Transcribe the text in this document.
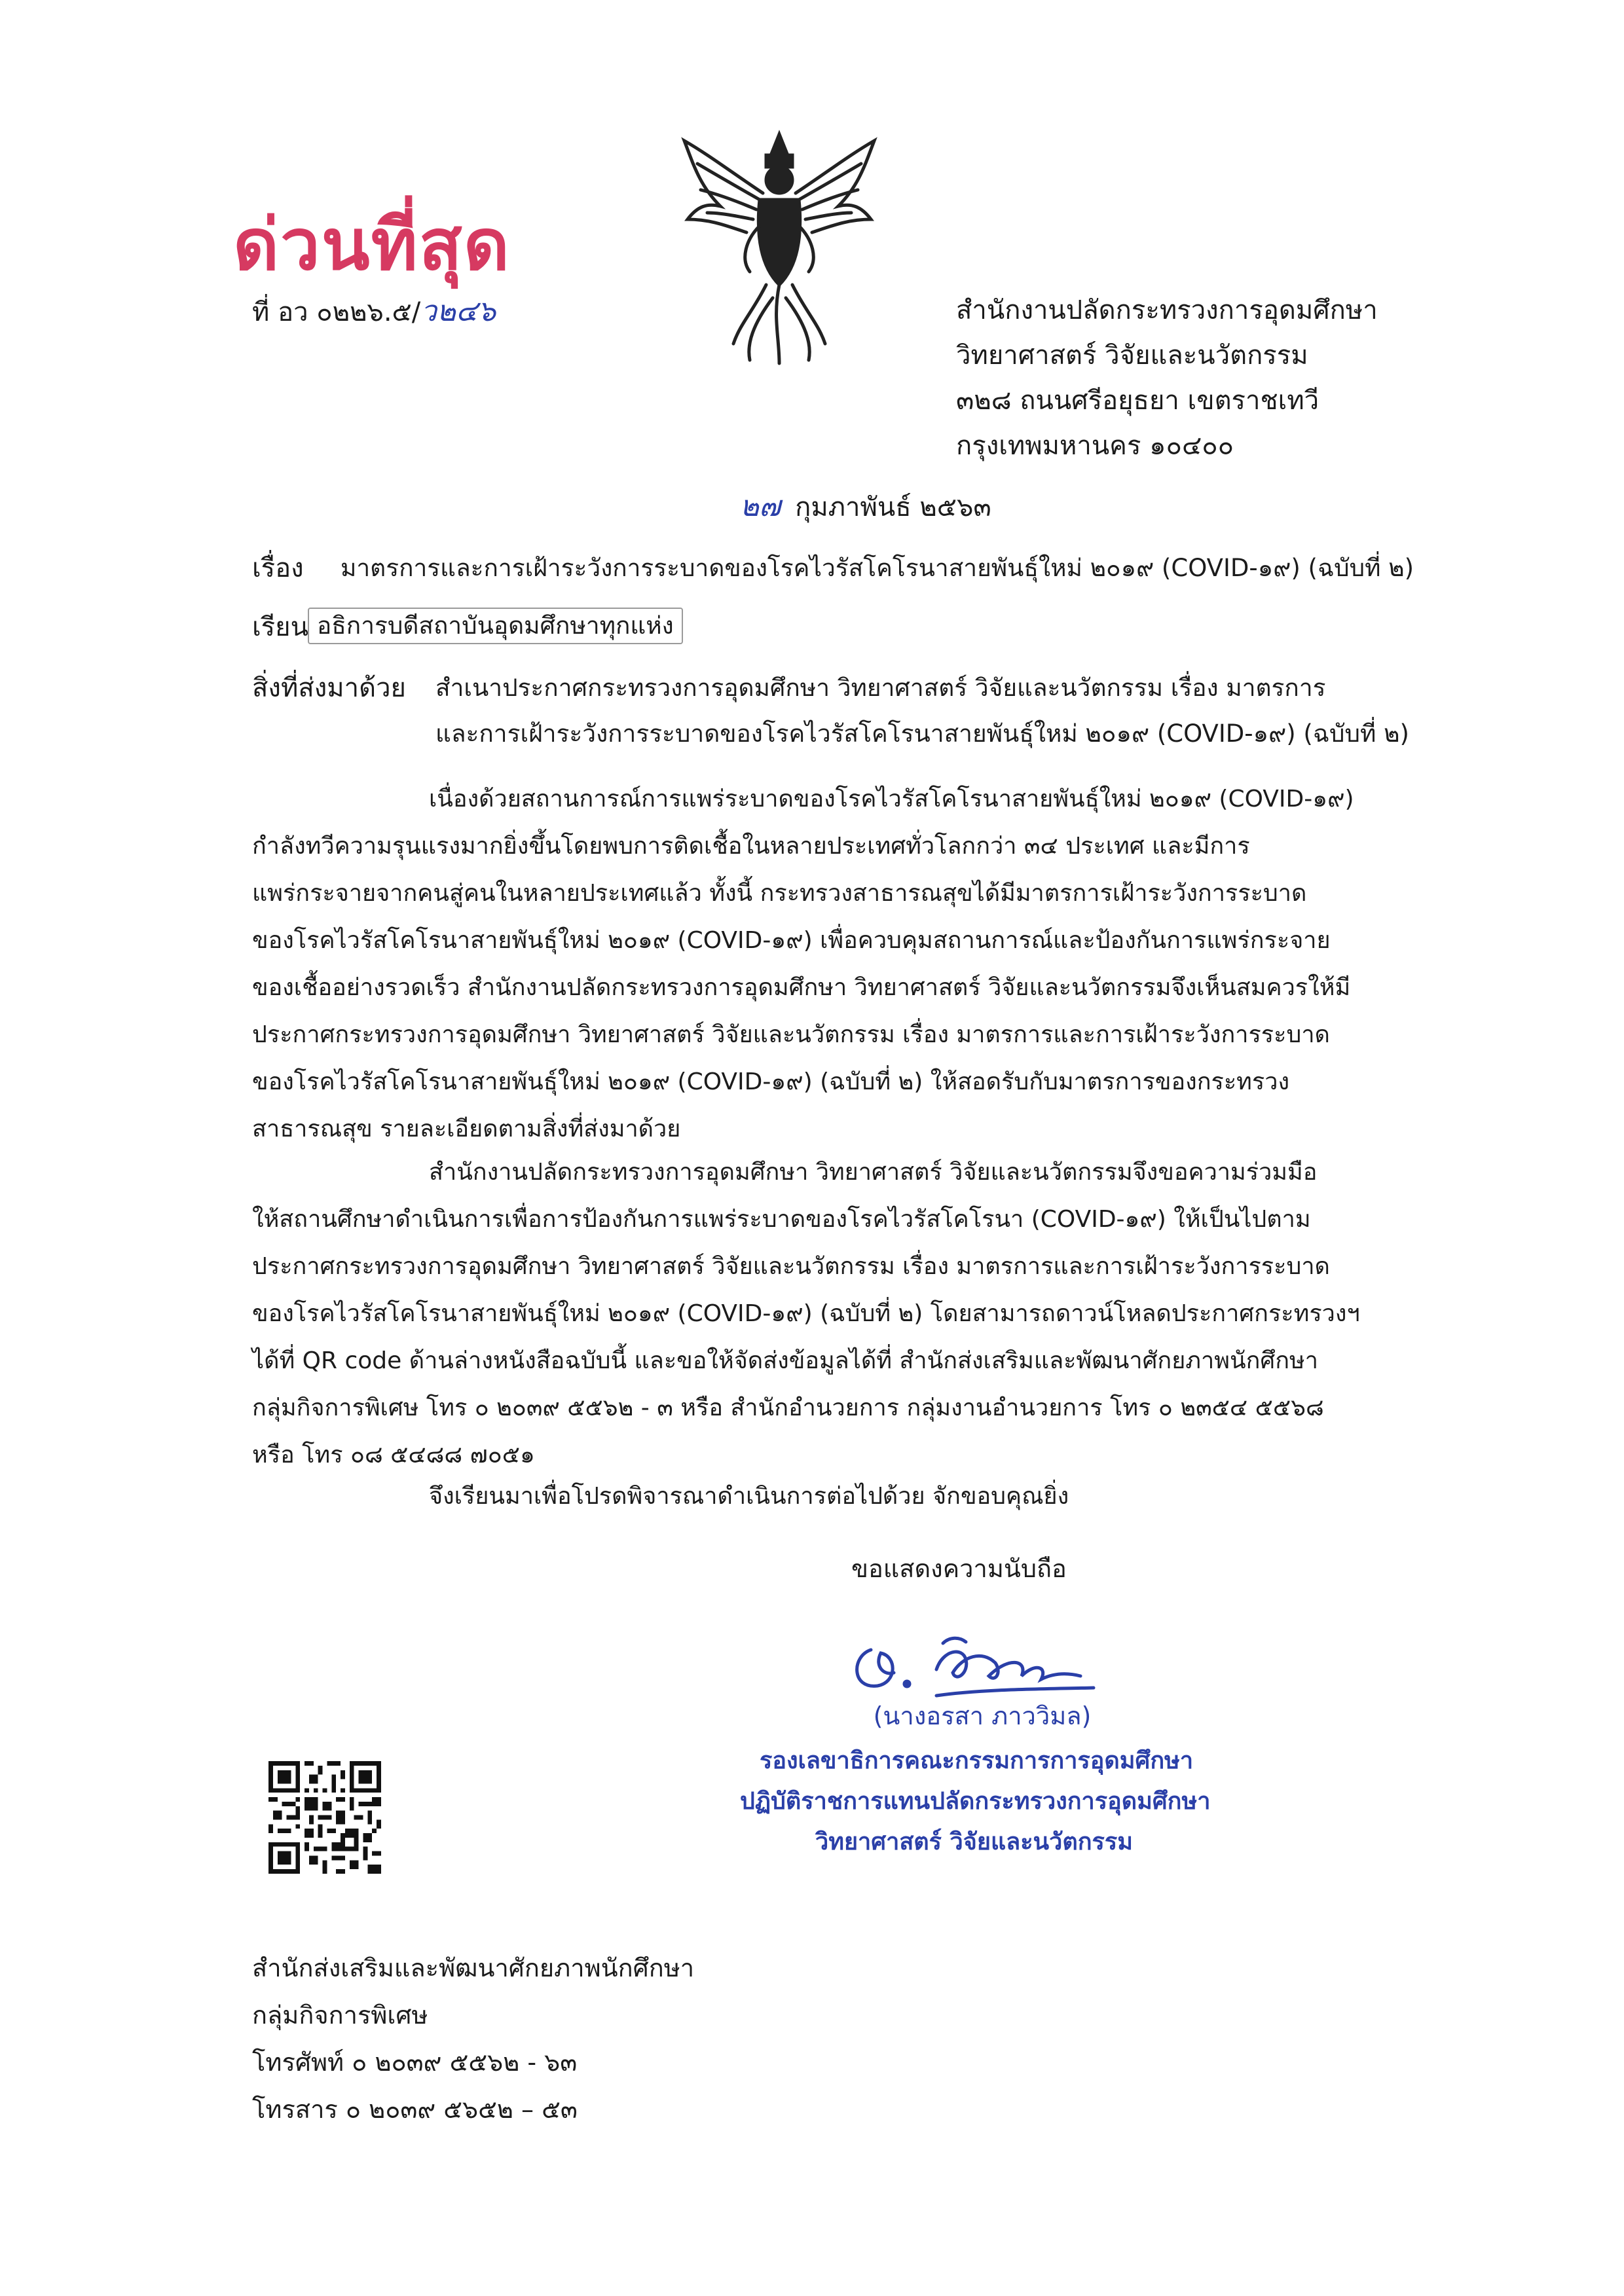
ด่วนที่สุด
ที่ อว ๐๒๒๖.๕/ว๒๔๖	สำนักงานปลัดกระทรวงการอุดมศึกษา
วิทยาศาสตร์ วิจัยและนวัตกรรม
๓๒๘ ถนนศรีอยุธยา เขตราชเทวี
กรุงเทพมหานคร ๑๐๔๐๐
๒๗ กุมภาพันธ์ ๒๕๖๓
เรื่อง มาตรการและการเฝ้าระวังการระบาดของโรคไวรัสโคโรนาสายพันธุ์ใหม่ ๒๐๑๙ (COVID-๑๙) (ฉบับที่ ๒)
เรียน อธิการบดีสถาบันอุดมศึกษาทุกแห่ง
สิ่งที่ส่งมาด้วย สำเนาประกาศกระทรวงการอุดมศึกษา วิทยาศาสตร์ วิจัยและนวัตกรรม เรื่อง มาตรการ
และการเฝ้าระวังการระบาดของโรคไวรัสโคโรนาสายพันธุ์ใหม่ ๒๐๑๙ (COVID-๑๙) (ฉบับที่ ๒)
เนื่องด้วยสถานการณ์การแพร่ระบาดของโรคไวรัสโคโรนาสายพันธุ์ใหม่ ๒๐๑๙ (COVID-๑๙)
กำลังทวีความรุนแรงมากยิ่งขึ้นโดยพบการติดเชื้อในหลายประเทศทั่วโลกกว่า ๓๔ ประเทศ และมีการ
แพร่กระจายจากคนสู่คนในหลายประเทศแล้ว ทั้งนี้ กระทรวงสาธารณสุขได้มีมาตรการเฝ้าระวังการระบาด
ของโรคไวรัสโคโรนาสายพันธุ์ใหม่ ๒๐๑๙ (COVID-๑๙) เพื่อควบคุมสถานการณ์และป้องกันการแพร่กระจาย
ของเชื้ออย่างรวดเร็ว สำนักงานปลัดกระทรวงการอุดมศึกษา วิทยาศาสตร์ วิจัยและนวัตกรรมจึงเห็นสมควรให้มี
ประกาศกระทรวงการอุดมศึกษา วิทยาศาสตร์ วิจัยและนวัตกรรม เรื่อง มาตรการและการเฝ้าระวังการระบาด
ของโรคไวรัสโคโรนาสายพันธุ์ใหม่ ๒๐๑๙ (COVID-๑๙) (ฉบับที่ ๒) ให้สอดรับกับมาตรการของกระทรวง
สาธารณสุข รายละเอียดตามสิ่งที่ส่งมาด้วย
สำนักงานปลัดกระทรวงการอุดมศึกษา วิทยาศาสตร์ วิจัยและนวัตกรรมจึงขอความร่วมมือ
ให้สถานศึกษาดำเนินการเพื่อการป้องกันการแพร่ระบาดของโรคไวรัสโคโรนา (COVID-๑๙) ให้เป็นไปตาม
ประกาศกระทรวงการอุดมศึกษา วิทยาศาสตร์ วิจัยและนวัตกรรม เรื่อง มาตรการและการเฝ้าระวังการระบาด
ของโรคไวรัสโคโรนาสายพันธุ์ใหม่ ๒๐๑๙ (COVID-๑๙) (ฉบับที่ ๒) โดยสามารถดาวน์โหลดประกาศกระทรวงฯ
ได้ที่ QR code ด้านล่างหนังสือฉบับนี้ และขอให้จัดส่งข้อมูลได้ที่ สำนักส่งเสริมและพัฒนาศักยภาพนักศึกษา
กลุ่มกิจการพิเศษ โทร ๐ ๒๐๓๙ ๕๕๖๒ - ๓ หรือ สำนักอำนวยการ กลุ่มงานอำนวยการ โทร ๐ ๒๓๕๔ ๕๕๖๘
หรือ โทร ๐๘ ๕๔๘๘ ๗๐๕๑
จึงเรียนมาเพื่อโปรดพิจารณาดำเนินการต่อไปด้วย จักขอบคุณยิ่ง
ขอแสดงความนับถือ
(นางอรสา ภาววิมล)
รองเลขาธิการคณะกรรมการการอุดมศึกษา
ปฏิบัติราชการแทนปลัดกระทรวงการอุดมศึกษา
วิทยาศาสตร์ วิจัยและนวัตกรรม
สำนักส่งเสริมและพัฒนาศักยภาพนักศึกษา
กลุ่มกิจการพิเศษ
โทรศัพท์ ๐ ๒๐๓๙ ๕๕๖๒ - ๖๓
โทรสาร ๐ ๒๐๓๙ ๕๖๕๒ – ๕๓
